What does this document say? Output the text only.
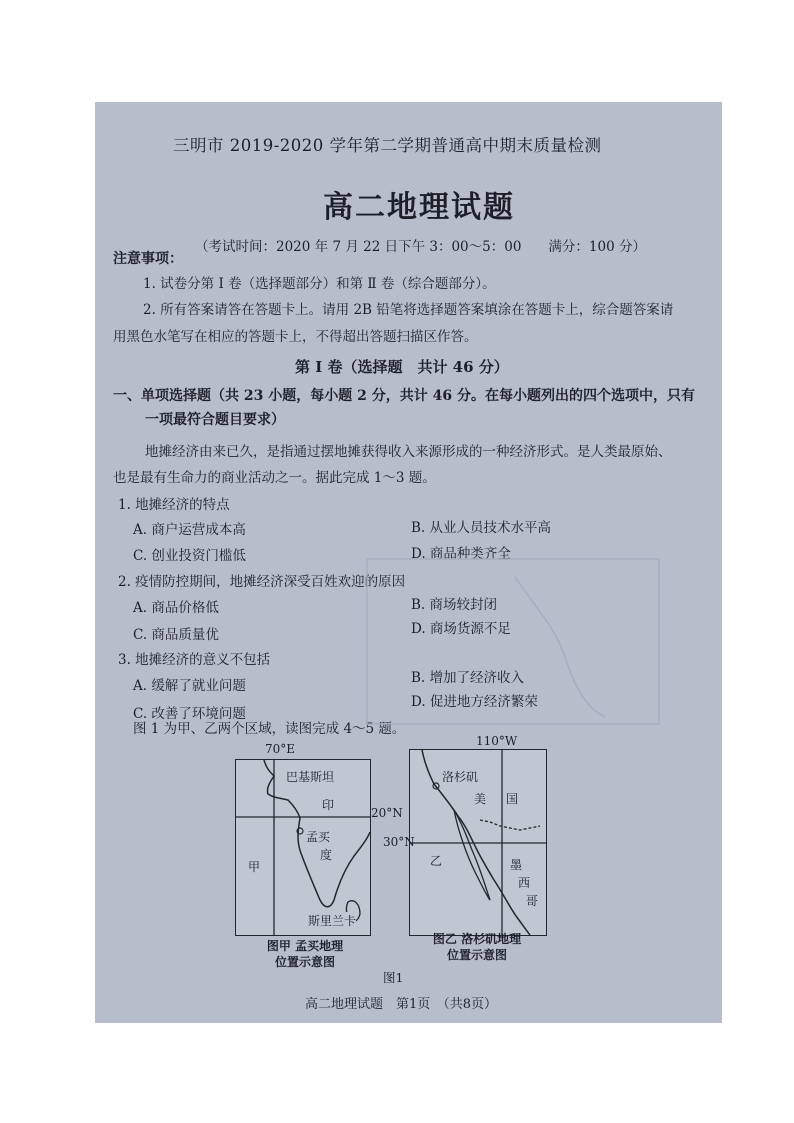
三明市 2019-2020 学年第二学期普通高中期末质量检测
高二地理试题
（考试时间：2020 年 7 月 22 日下午 3：00～5：00　　满分：100 分）
注意事项：
1. 试卷分第 Ⅰ 卷（选择题部分）和第 Ⅱ 卷（综合题部分）。
2. 所有答案请答在答题卡上。请用 2B 铅笔将选择题答案填涂在答题卡上，综合题答案请
用黑色水笔写在相应的答题卡上，不得超出答题扫描区作答。
第 Ⅰ 卷（选择题　共计 46 分）
一、单项选择题（共 23 小题，每小题 2 分，共计 46 分。在每小题列出的四个选项中，只有
一项最符合题目要求）
地摊经济由来已久，是指通过摆地摊获得收入来源形成的一种经济形式。是人类最原始、
也是最有生命力的商业活动之一。据此完成 1～3 题。
1. 地摊经济的特点
A. 商户运营成本高	B. 从业人员技术水平高
C. 创业投资门槛低	D. 商品种类齐全
2. 疫情防控期间，地摊经济深受百姓欢迎的原因
A. 商品价格低	B. 商场较封闭
C. 商品质量优	D. 商场货源不足
3. 地摊经济的意义不包括
A. 缓解了就业问题	B. 增加了经济收入
C. 改善了环境问题
D. 促进地方经济繁荣
图 1 为甲、乙两个区域，读图完成 4～5 题。
巴基斯坦
印
孟买
度
甲
斯里兰卡
70°E
20°N
图甲 孟买地理
位置示意图
洛杉矶
美 国
乙	墨
西
哥
110°W
30°N
图乙 洛杉矶地理
位置示意图
图1
高二地理试题　第1页　（共8页）
